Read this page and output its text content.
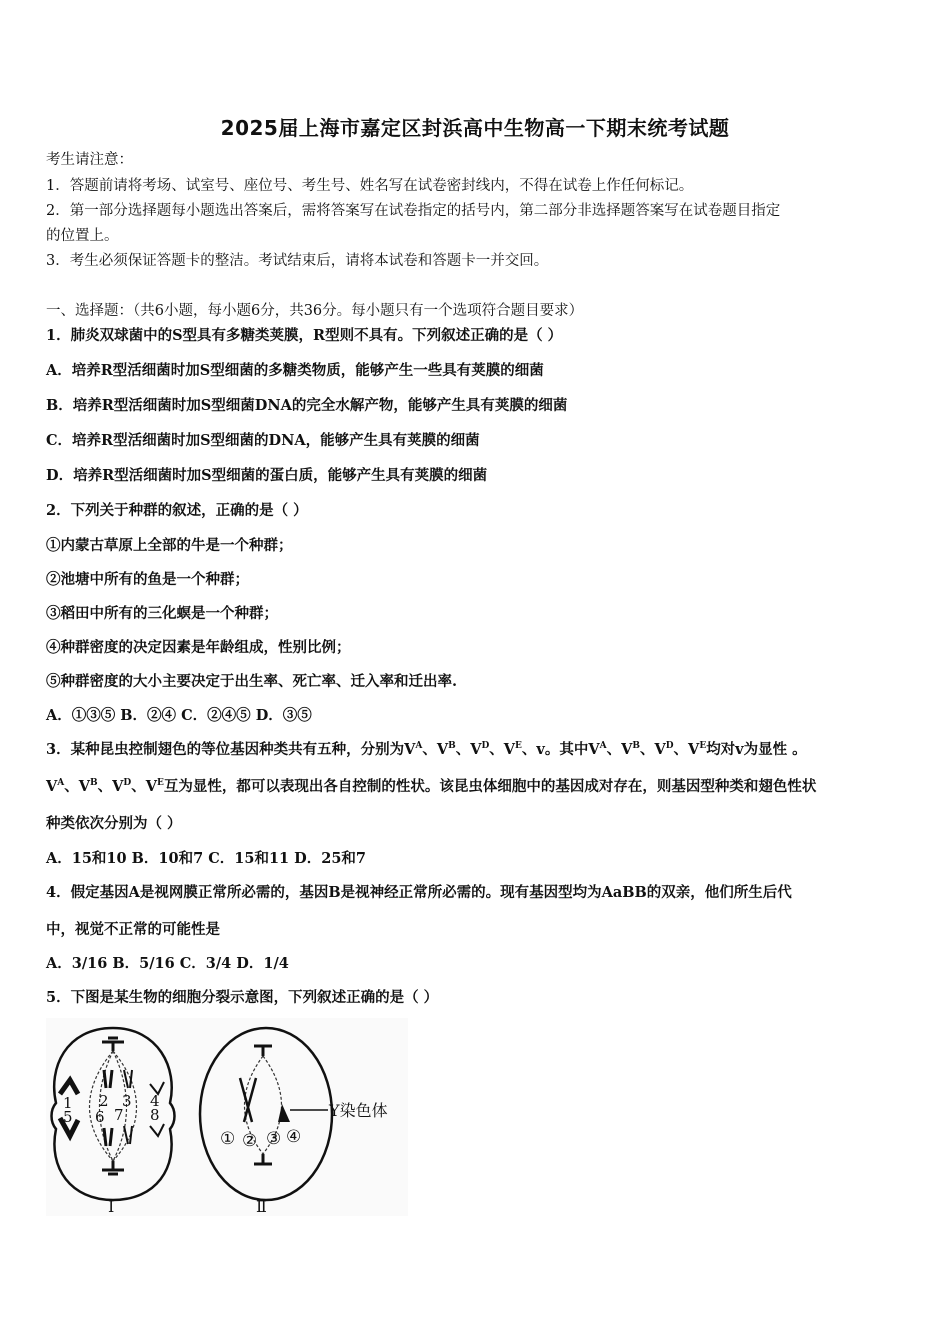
2025届上海市嘉定区封浜高中生物高一下期末统考试题
考生请注意：
1．答题前请将考场、试室号、座位号、考生号、姓名写在试卷密封线内，不得在试卷上作任何标记。
2．第一部分选择题每小题选出答案后，需将答案写在试卷指定的括号内，第二部分非选择题答案写在试卷题目指定
的位置上。
3．考生必须保证答题卡的整洁。考试结束后，请将本试卷和答题卡一并交回。
一、选择题：（共6小题，每小题6分，共36分。每小题只有一个选项符合题目要求）
1．肺炎双球菌中的S型具有多糖类荚膜，R型则不具有。下列叙述正确的是（ ）
A．培养R型活细菌时加S型细菌的多糖类物质，能够产生一些具有荚膜的细菌
B．培养R型活细菌时加S型细菌DNA的完全水解产物，能够产生具有荚膜的细菌
C．培养R型活细菌时加S型细菌的DNA，能够产生具有荚膜的细菌
D．培养R型活细菌时加S型细菌的蛋白质，能够产生具有荚膜的细菌
2．下列关于种群的叙述，正确的是（ ）
①内蒙古草原上全部的牛是一个种群；
②池塘中所有的鱼是一个种群；
③稻田中所有的三化螟是一个种群；
④种群密度的决定因素是年龄组成，性别比例；
⑤种群密度的大小主要决定于出生率、死亡率、迁入率和迁出率.
A．①③⑤ B．②④ C．②④⑤ D．③⑤
3．某种昆虫控制翅色的等位基因种类共有五种，分别为$V^A$、$V^B$、$V^D$、$V^E$、v。其中$V^A$、$V^B$、$V^D$、$V^E$均对v为显性 。
$V^A$、$V^B$、$V^D$、$V^E$互为显性，都可以表现出各自控制的性状。该昆虫体细胞中的基因成对存在，则基因型种类和翅色性状
种类依次分别为（ ）
A．15和10 B．10和7 C．15和11 D．25和7
4．假定基因A是视网膜正常所必需的，基因B是视神经正常所必需的。现有基因型均为AaBB的双亲，他们所生后代
中，视觉不正常的可能性是
A．3/16 B．5/16 C．3/4 D．1/4
5．下图是某生物的细胞分裂示意图，下列叙述正确的是（ ）
1
5
2
6
3
7
4
8
Ⅰ
Y染色体
① ② ③ ④
Ⅱ
